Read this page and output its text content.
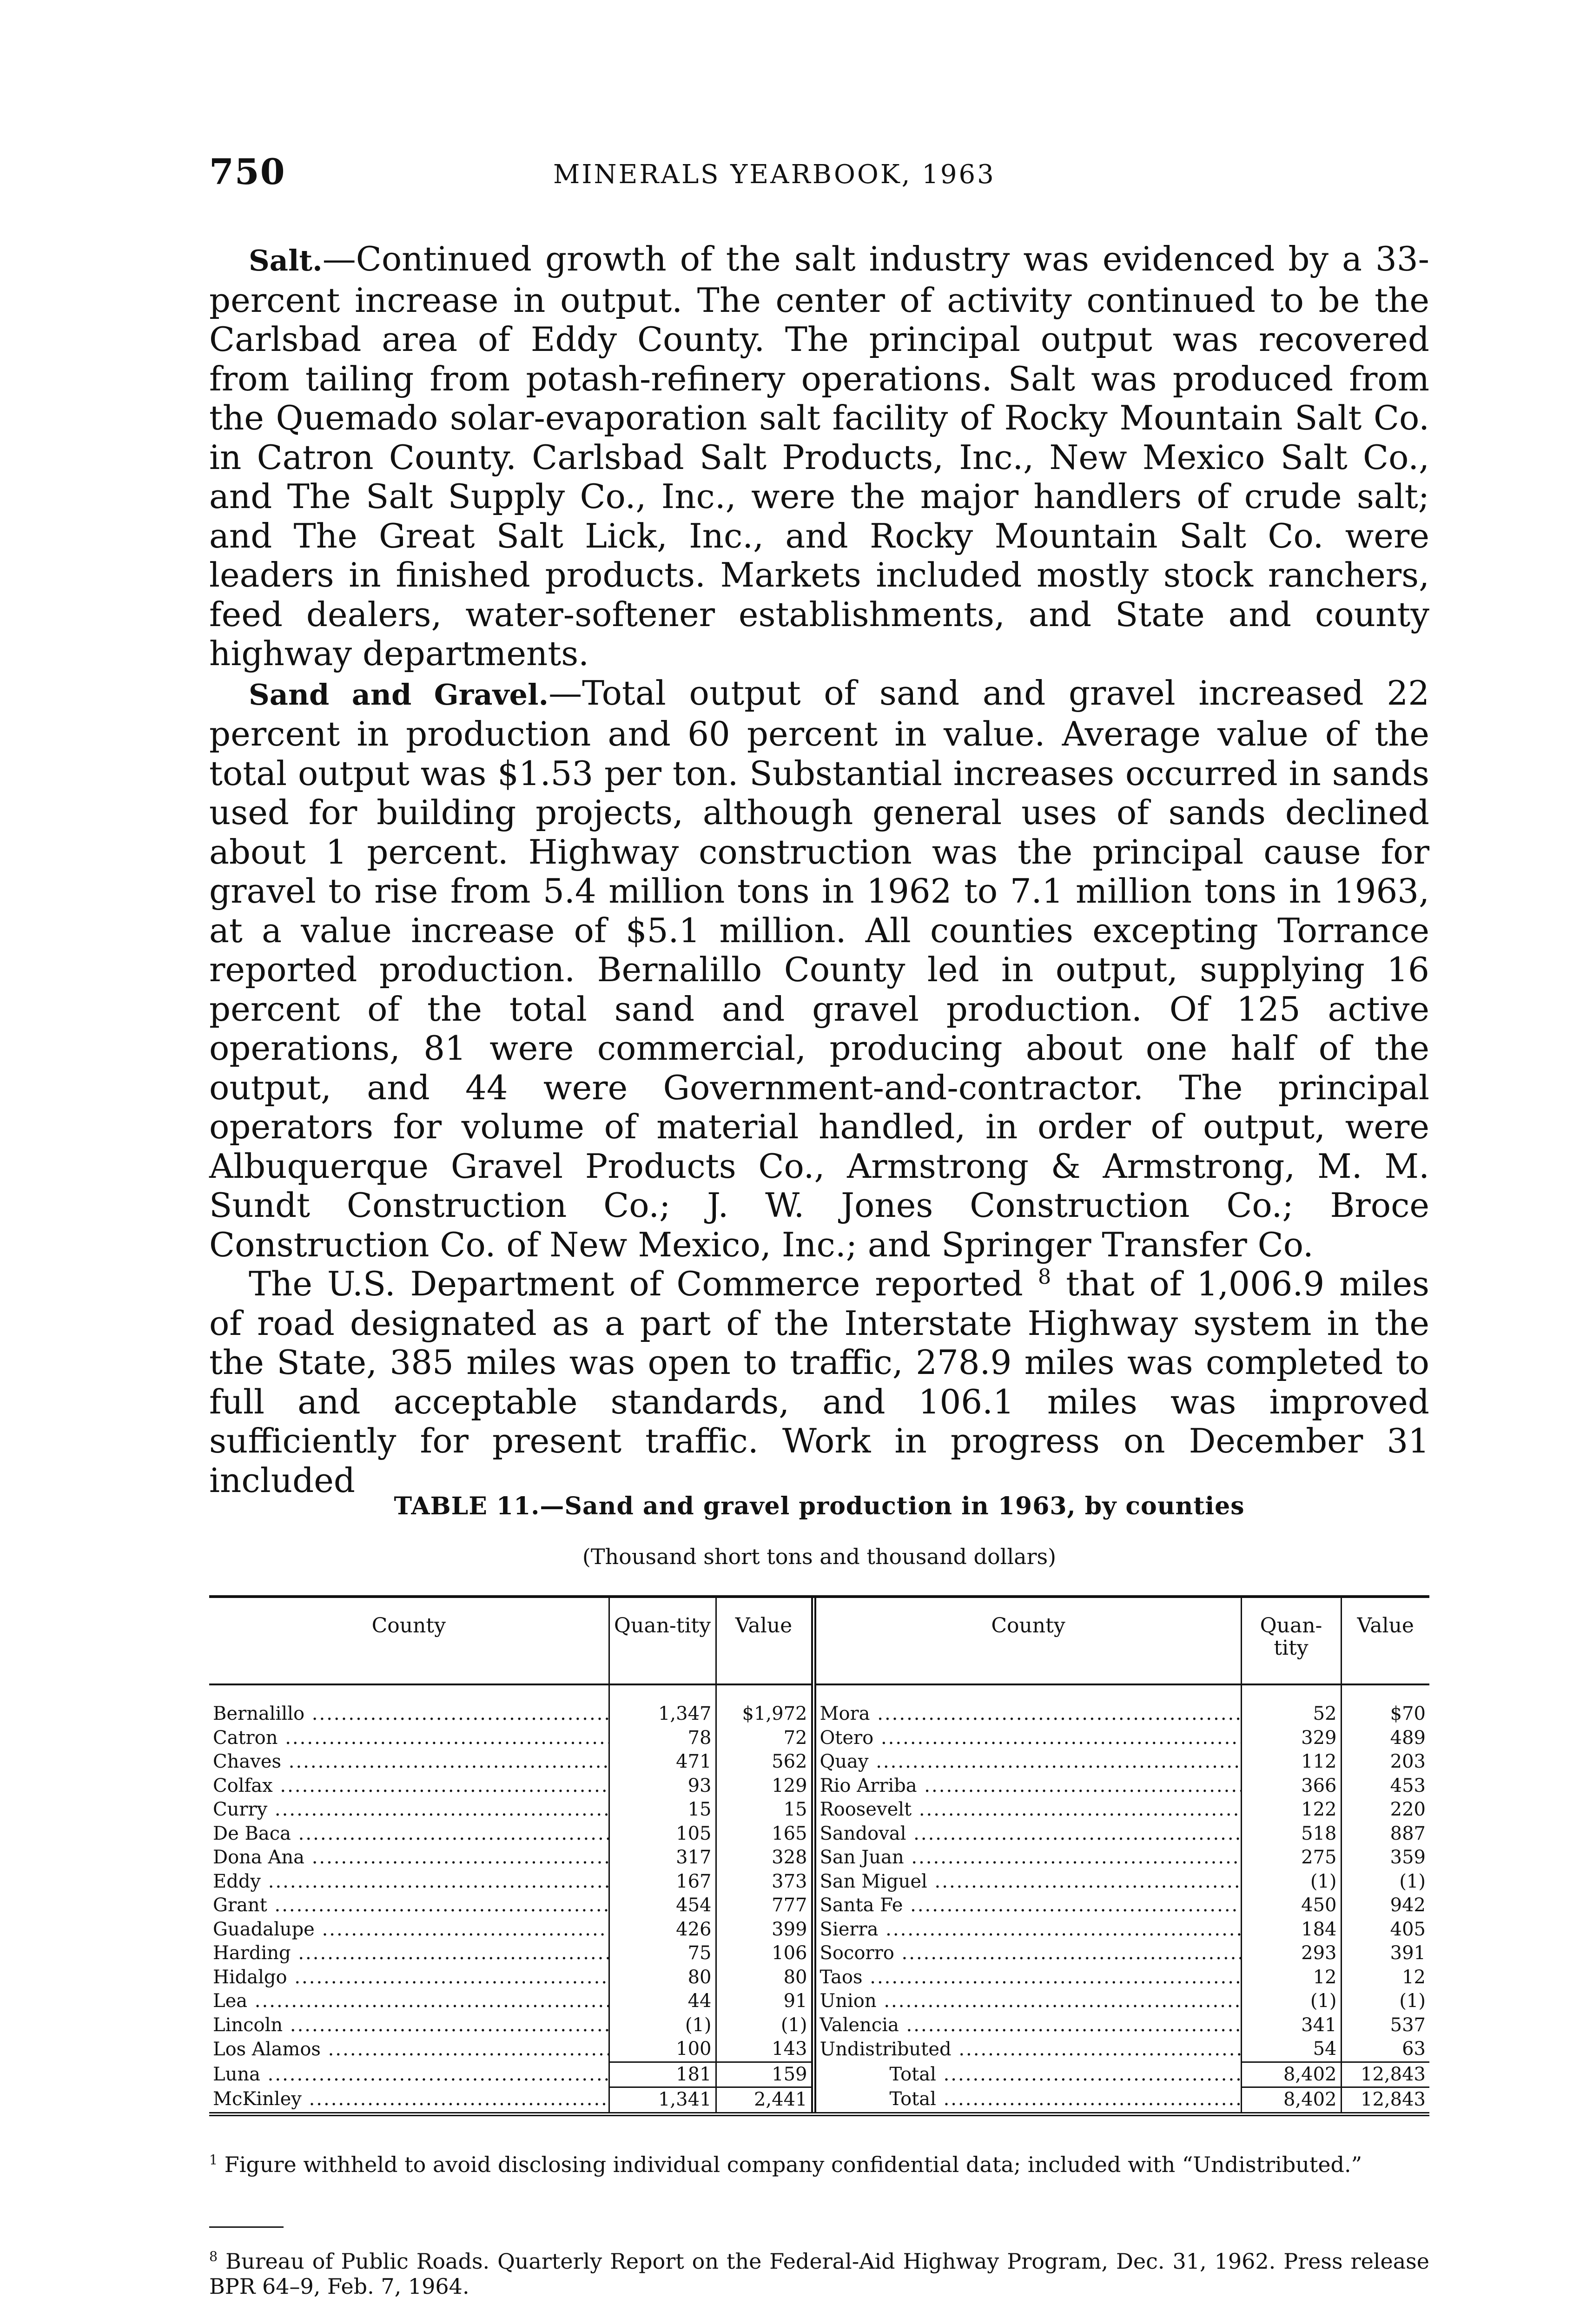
750	MINERALS YEARBOOK, 1963

Salt.—Continued growth of the salt industry was evidenced by a 33-percent increase in output. The center of activity continued to be the Carlsbad area of Eddy County. The principal output was recovered from tailing from potash-refinery operations. Salt was produced from the Quemado solar-evaporation salt facility of Rocky Mountain Salt Co. in Catron County. Carlsbad Salt Products, Inc., New Mexico Salt Co., and The Salt Supply Co., Inc., were the major handlers of crude salt; and The Great Salt Lick, Inc., and Rocky Mountain Salt Co. were leaders in finished products. Markets included mostly stock ranchers, feed dealers, water-softener establishments, and State and county highway departments.

Sand and Gravel.—Total output of sand and gravel increased 22 percent in production and 60 percent in value. Average value of the total output was $1.53 per ton. Substantial increases occurred in sands used for building projects, although general uses of sands declined about 1 percent. Highway construction was the principal cause for gravel to rise from 5.4 million tons in 1962 to 7.1 million tons in 1963, at a value increase of $5.1 million. All counties excepting Torrance reported production. Bernalillo County led in output, supplying 16 percent of the total sand and gravel production. Of 125 active operations, 81 were commercial, producing about one half of the output, and 44 were Government-and-contractor. The principal operators for volume of material handled, in order of output, were Albuquerque Gravel Products Co., Armstrong & Armstrong, M. M. Sundt Construction Co.; J. W. Jones Construction Co.; Broce Construction Co. of New Mexico, Inc.; and Springer Transfer Co.

The U.S. Department of Commerce reported $^8$ that of 1,006.9 miles of road designated as a part of the Interstate Highway system in the the State, 385 miles was open to traffic, 278.9 miles was completed to full and acceptable standards, and 106.1 miles was improved sufficiently for present traffic. Work in progress on December 31 included

TABLE 11.—Sand and gravel production in 1963, by counties
(Thousand short tons and thousand dollars)
County	Quan-tity	Value	County	Quan-tity	Value
Bernalillo .....	1,347	$1,972	Mora .....	52	$70
Catron .....	78	72	Otero .....	329	489
Chaves .....	471	562	Quay .....	112	203
Colfax .....	93	129	Rio Arriba .....	366	453
Curry .....	15	15	Roosevelt .....	122	220
De Baca .....	105	165	Sandoval .....	518	887
Dona Ana .....	317	328	San Juan .....	275	359
Eddy .....	167	373	San Miguel .....	(1)	(1)
Grant .....	454	777	Santa Fe .....	450	942
Guadalupe .....	426	399	Sierra .....	184	405
Harding .....	75	106	Socorro .....	293	391
Hidalgo .....	80	80	Taos .....	12	12
Lea .....	44	91	Union .....	(1)	(1)
Lincoln .....	(1)	(1)	Valencia .....	341	537
Los Alamos .....	100	143	Undistributed .....	54	63
Luna .....	181	159	Total .....	8,402	12,843
McKinley .....	1,341	2,441	Total .....	8,402	12,843
$^1$ Figure withheld to avoid disclosing individual company confidential data; included with “Undistributed.”
$^8$ Bureau of Public Roads. Quarterly Report on the Federal-Aid Highway Program, Dec. 31, 1962. Press release BPR 64–9, Feb. 7, 1964.
